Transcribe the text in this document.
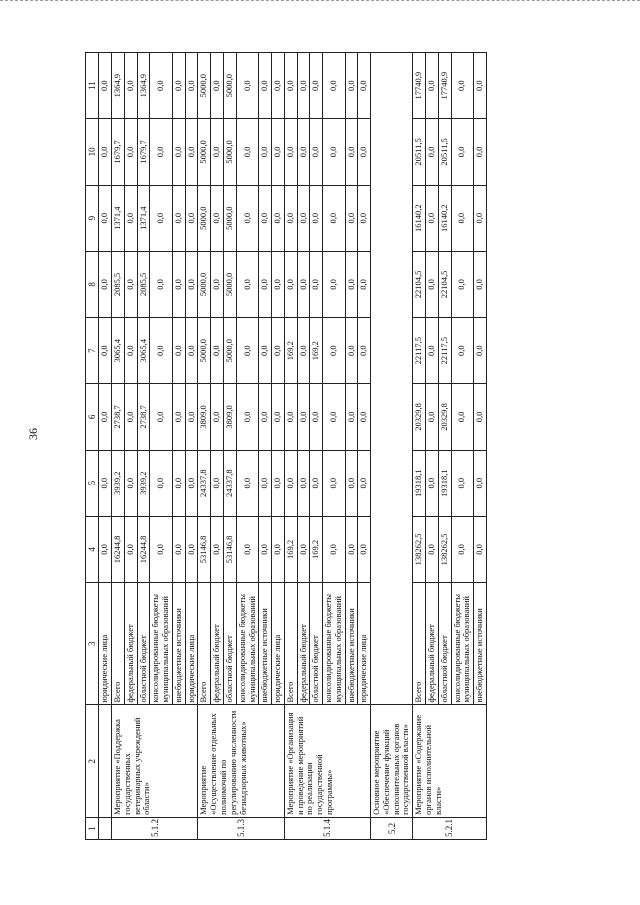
36
1	2	3	4	5	6	7	8	9	10	11
		юридические лица	0,0	0,0	0,0	0,0	0,0	0,0	0,0	0,0
5.1.2	Мероприятие «Поддержка государственных ветеринарных учреждений области»	Всего	16244,8	3939,2	2738,7	3065,4	2085,5	1371,4	1679,7	1364,9
		федеральный бюджет	0,0	0,0	0,0	0,0	0,0	0,0	0,0	0,0
		областной бюджет	16244,8	3939,2	2738,7	3065,4	2085,5	1371,4	1679,7	1364,9
		консолидированные бюджеты муниципальных образований	0,0	0,0	0,0	0,0	0,0	0,0	0,0	0,0
		внебюджетные источники	0,0	0,0	0,0	0,0	0,0	0,0	0,0	0,0
		юридические лица	0,0	0,0	0,0	0,0	0,0	0,0	0,0	0,0
5.1.3	Мероприятие «Осуществление отдельных полномочий по регулированию численности безнадзорных животных»	Всего	53146,8	24337,8	3809,0	5000,0	5000,0	5000,0	5000,0	5000,0
		федеральный бюджет	0,0	0,0	0,0	0,0	0,0	0,0	0,0	0,0
		областной бюджет	53146,8	24337,8	3809,0	5000,0	5000,0	5000,0	5000,0	5000,0
		консолидированные бюджеты муниципальных образований	0,0	0,0	0,0	0,0	0,0	0,0	0,0	0,0
		внебюджетные источники	0,0	0,0	0,0	0,0	0,0	0,0	0,0	0,0
		юридические лица	0,0	0,0	0,0	0,0	0,0	0,0	0,0	0,0
5.1.4	Мероприятие «Организация и проведение мероприятий по реализации государственной программы»	Всего	169,2	0,0	0,0	169,2	0,0	0,0	0,0	0,0
		федеральный бюджет	0,0	0,0	0,0	0,0	0,0	0,0	0,0	0,0
		областной бюджет	169,2	0,0	0,0	169,2	0,0	0,0	0,0	0,0
		консолидированные бюджеты муниципальных образований	0,0	0,0	0,0	0,0	0,0	0,0	0,0	0,0
		внебюджетные источники	0,0	0,0	0,0	0,0	0,0	0,0	0,0	0,0
		юридические лица	0,0	0,0	0,0	0,0	0,0	0,0	0,0	0,0
5.2	Основное мероприятие «Обеспечение функций исполнительных органов государственной власти»									
5.2.1	Мероприятие «Содержание органов исполнительной власти»	Всего	138262,5	19318,1	20329,8	22117,5	22104,5	16140,2	20511,5	17740,9
		федеральный бюджет	0,0	0,0	0,0	0,0	0,0	0,0	0,0	0,0
		областной бюджет	138262,5	19318,1	20329,8	22117,5	22104,5	16140,2	20511,5	17740,9
		консолидированные бюджеты муниципальных образований	0,0	0,0	0,0	0,0	0,0	0,0	0,0	0,0
		внебюджетные источники	0,0	0,0	0,0	0,0	0,0	0,0	0,0	0,0
